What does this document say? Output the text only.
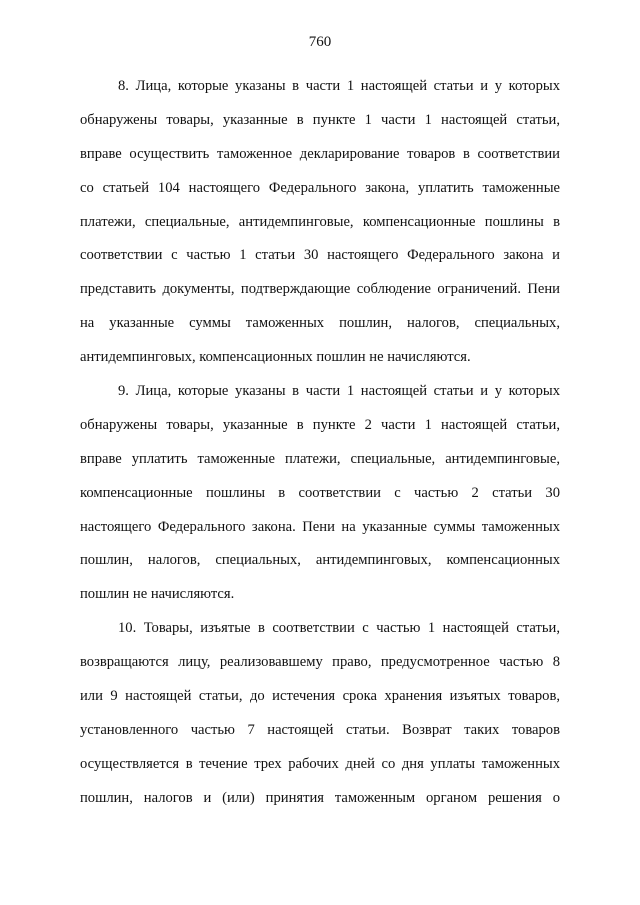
760
8. Лица, которые указаны в части 1 настоящей статьи и у которых
обнаружены товары, указанные в пункте 1 части 1 настоящей статьи,
вправе осуществить таможенное декларирование товаров в соответствии
со статьей 104 настоящего Федерального закона, уплатить таможенные
платежи, специальные, антидемпинговые, компенсационные пошлины в
соответствии с частью 1 статьи 30 настоящего Федерального закона и
представить документы, подтверждающие соблюдение ограничений. Пени
на указанные суммы таможенных пошлин, налогов, специальных,
антидемпинговых, компенсационных пошлин не начисляются.
9. Лица, которые указаны в части 1 настоящей статьи и у которых
обнаружены товары, указанные в пункте 2 части 1 настоящей статьи,
вправе уплатить таможенные платежи, специальные, антидемпинговые,
компенсационные пошлины в соответствии с частью 2 статьи 30
настоящего Федерального закона. Пени на указанные суммы таможенных
пошлин, налогов, специальных, антидемпинговых, компенсационных
пошлин не начисляются.
10. Товары, изъятые в соответствии с частью 1 настоящей статьи,
возвращаются лицу, реализовавшему право, предусмотренное частью 8
или 9 настоящей статьи, до истечения срока хранения изъятых товаров,
установленного частью 7 настоящей статьи. Возврат таких товаров
осуществляется в течение трех рабочих дней со дня уплаты таможенных
пошлин, налогов и (или) принятия таможенным органом решения о
